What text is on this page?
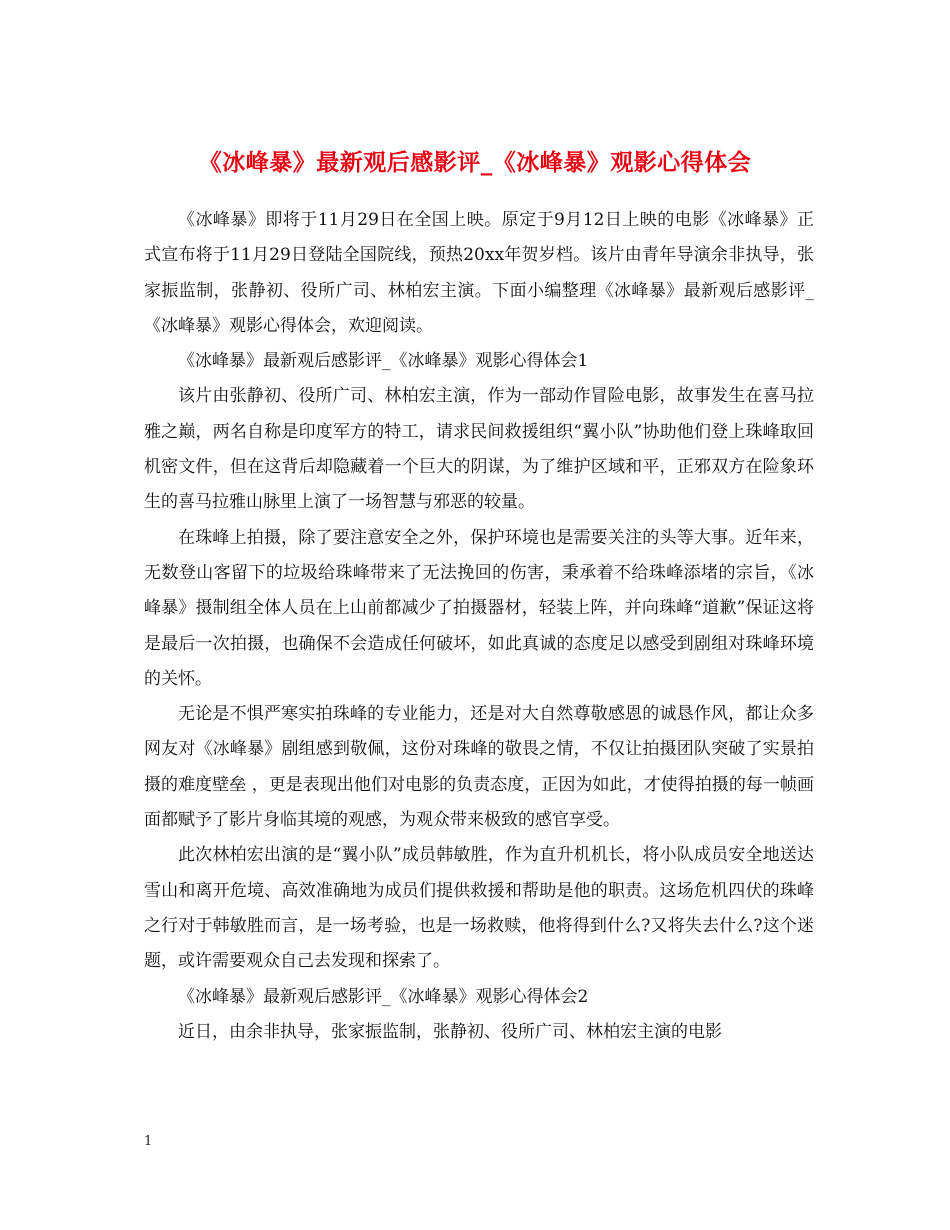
《冰峰暴》最新观后感影评_《冰峰暴》观影心得体会

《冰峰暴》即将于11月29日在全国上映。原定于9月12日上映的电影《冰峰暴》正式宣布将于11月29日登陆全国院线，预热20xx年贺岁档。该片由青年导演余非执导，张家振监制，张静初、役所广司、林柏宏主演。下面小编整理《冰峰暴》最新观后感影评_《冰峰暴》观影心得体会，欢迎阅读。

《冰峰暴》最新观后感影评_《冰峰暴》观影心得体会1

该片由张静初、役所广司、林柏宏主演，作为一部动作冒险电影，故事发生在喜马拉雅之巅，两名自称是印度军方的特工，请求民间救援组织“翼小队”协助他们登上珠峰取回机密文件，但在这背后却隐藏着一个巨大的阴谋，为了维护区域和平，正邪双方在险象环生的喜马拉雅山脉里上演了一场智慧与邪恶的较量。

在珠峰上拍摄，除了要注意安全之外，保护环境也是需要关注的头等大事。近年来，无数登山客留下的垃圾给珠峰带来了无法挽回的伤害，秉承着不给珠峰添堵的宗旨，《冰峰暴》摄制组全体人员在上山前都减少了拍摄器材，轻装上阵，并向珠峰“道歉”保证这将是最后一次拍摄，也确保不会造成任何破坏，如此真诚的态度足以感受到剧组对珠峰环境的关怀。

无论是不惧严寒实拍珠峰的专业能力，还是对大自然尊敬感恩的诚恳作风，都让众多网友对《冰峰暴》剧组感到敬佩，这份对珠峰的敬畏之情，不仅让拍摄团队突破了实景拍摄的难度壁垒 ，更是表现出他们对电影的负责态度，正因为如此，才使得拍摄的每一帧画面都赋予了影片身临其境的观感，为观众带来极致的感官享受。

此次林柏宏出演的是“翼小队”成员韩敏胜，作为直升机机长，将小队成员安全地送达雪山和离开危境、高效准确地为成员们提供救援和帮助是他的职责。这场危机四伏的珠峰之行对于韩敏胜而言，是一场考验，也是一场救赎，他将得到什么?又将失去什么?这个迷题，或许需要观众自己去发现和探索了。

《冰峰暴》最新观后感影评_《冰峰暴》观影心得体会2

近日，由余非执导，张家振监制，张静初、役所广司、林柏宏主演的电影

1
